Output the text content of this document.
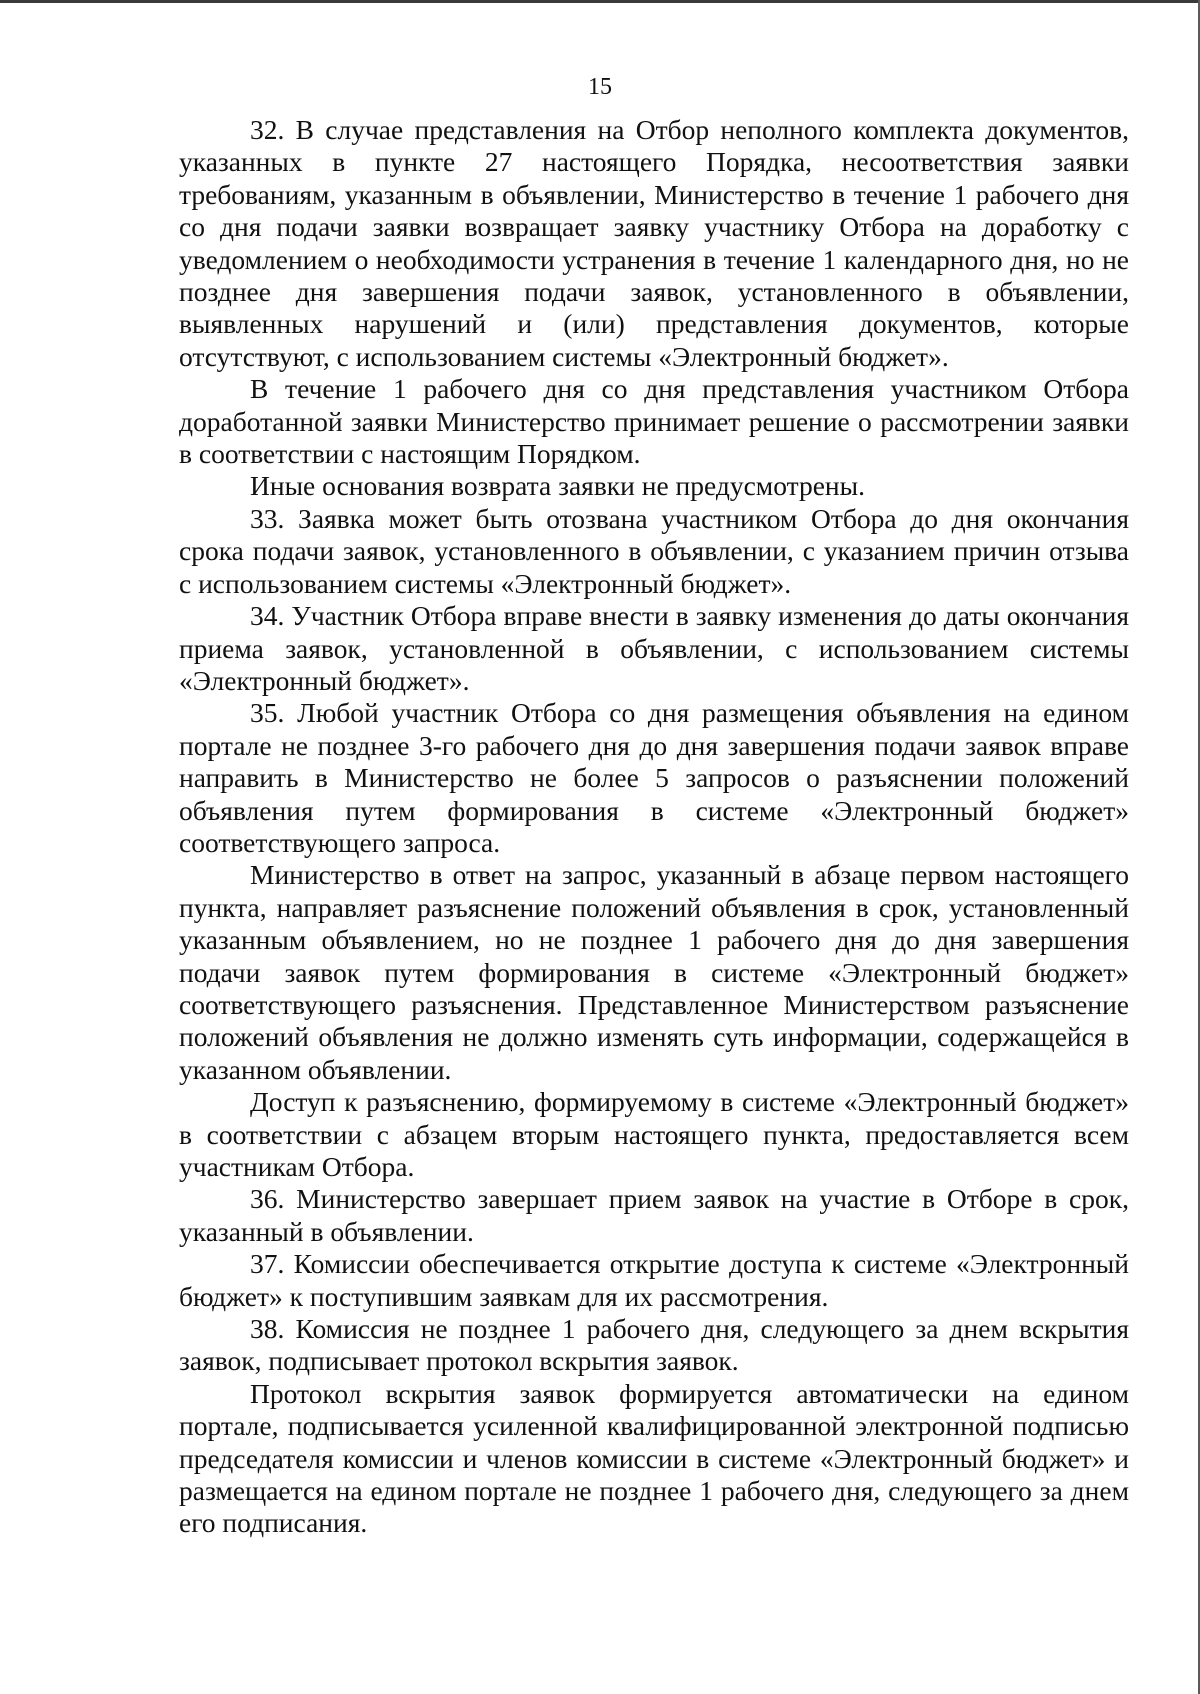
15

32. В случае представления на Отбор неполного комплекта документов, указанных в пункте 27 настоящего Порядка, несоответствия заявки требованиям, указанным в объявлении, Министерство в течение 1 рабочего дня со дня подачи заявки возвращает заявку участнику Отбора на доработку с уведомлением о необходимости устранения в течение 1 календарного дня, но не позднее дня завершения подачи заявок, установленного в объявлении, выявленных нарушений и (или) представления документов, которые отсутствуют, с использованием системы «Электронный бюджет».

В течение 1 рабочего дня со дня представления участником Отбора доработанной заявки Министерство принимает решение о рассмотрении заявки в соответствии с настоящим Порядком.

Иные основания возврата заявки не предусмотрены.

33. Заявка может быть отозвана участником Отбора до дня окончания срока подачи заявок, установленного в объявлении, с указанием причин отзыва с использованием системы «Электронный бюджет».

34. Участник Отбора вправе внести в заявку изменения до даты окончания приема заявок, установленной в объявлении, с использованием системы «Электронный бюджет».

35. Любой участник Отбора со дня размещения объявления на едином портале не позднее 3-го рабочего дня до дня завершения подачи заявок вправе направить в Министерство не более 5 запросов о разъяснении положений объявления путем формирования в системе «Электронный бюджет» соответствующего запроса.

Министерство в ответ на запрос, указанный в абзаце первом настоящего пункта, направляет разъяснение положений объявления в срок, установленный указанным объявлением, но не позднее 1 рабочего дня до дня завершения подачи заявок путем формирования в системе «Электронный бюджет» соответствующего разъяснения. Представленное Министерством разъяснение положений объявления не должно изменять суть информации, содержащейся в указанном объявлении.

Доступ к разъяснению, формируемому в системе «Электронный бюджет» в соответствии с абзацем вторым настоящего пункта, предоставляется всем участникам Отбора.

36. Министерство завершает прием заявок на участие в Отборе в срок, указанный в объявлении.

37. Комиссии обеспечивается открытие доступа к системе «Электронный бюджет» к поступившим заявкам для их рассмотрения.

38. Комиссия не позднее 1 рабочего дня, следующего за днем вскрытия заявок, подписывает протокол вскрытия заявок.

Протокол вскрытия заявок формируется автоматически на едином портале, подписывается усиленной квалифицированной электронной подписью председателя комиссии и членов комиссии в системе «Электронный бюджет» и размещается на едином портале не позднее 1 рабочего дня, следующего за днем его подписания.
